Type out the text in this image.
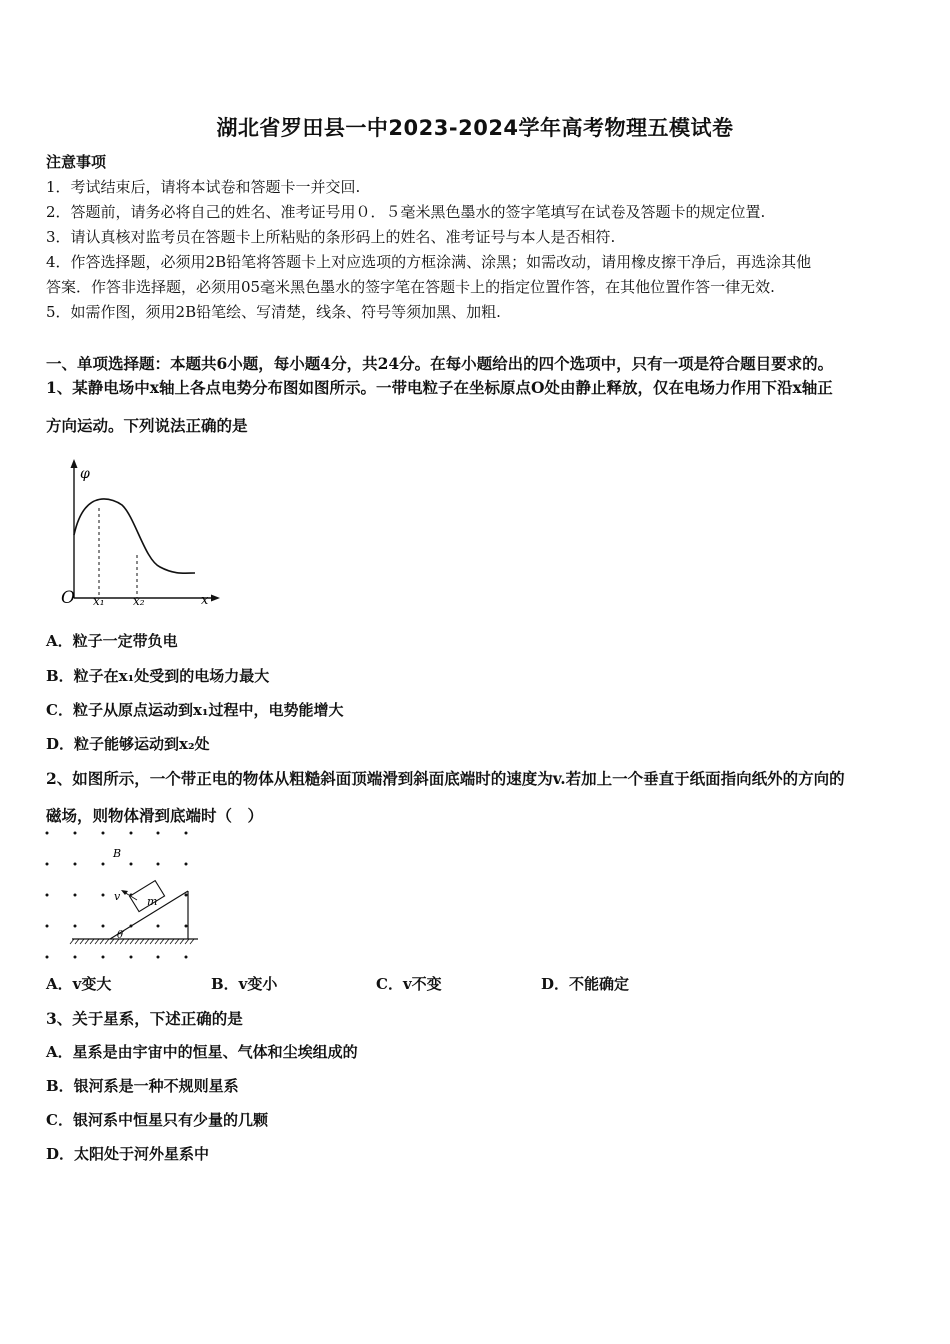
湖北省罗田县一中2023-2024学年高考物理五模试卷
注意事项
1．考试结束后，请将本试卷和答题卡一并交回.
2．答题前，请务必将自己的姓名、准考证号用０．５毫米黑色墨水的签字笔填写在试卷及答题卡的规定位置.
3．请认真核对监考员在答题卡上所粘贴的条形码上的姓名、准考证号与本人是否相符.
4．作答选择题，必须用2B铅笔将答题卡上对应选项的方框涂满、涂黑；如需改动，请用橡皮擦干净后，再选涂其他
答案．作答非选择题，必须用05毫米黑色墨水的签字笔在答题卡上的指定位置作答，在其他位置作答一律无效.
5．如需作图，须用2B铅笔绘、写清楚，线条、符号等须加黑、加粗.
一、单项选择题：本题共6小题，每小题4分，共24分。在每小题给出的四个选项中，只有一项是符合题目要求的。
1、某静电场中x轴上各点电势分布图如图所示。一带电粒子在坐标原点O处由静止释放，仅在电场力作用下沿x轴正
方向运动。下列说法正确的是
φ
O x₁ x₂	x
A．粒子一定带负电
B．粒子在x₁处受到的电场力最大
C．粒子从原点运动到x₁过程中，电势能增大
D．粒子能够运动到x₂处
2、如图所示，一个带正电的物体从粗糙斜面顶端滑到斜面底端时的速度为v.若加上一个垂直于纸面指向纸外的方向的
磁场，则物体滑到底端时（　）
B
v m
θ
A．v变大	B．v变小	C．v不变	D．不能确定
3、关于星系，下述正确的是
A．星系是由宇宙中的恒星、气体和尘埃组成的
B．银河系是一种不规则星系
C．银河系中恒星只有少量的几颗
D．太阳处于河外星系中
